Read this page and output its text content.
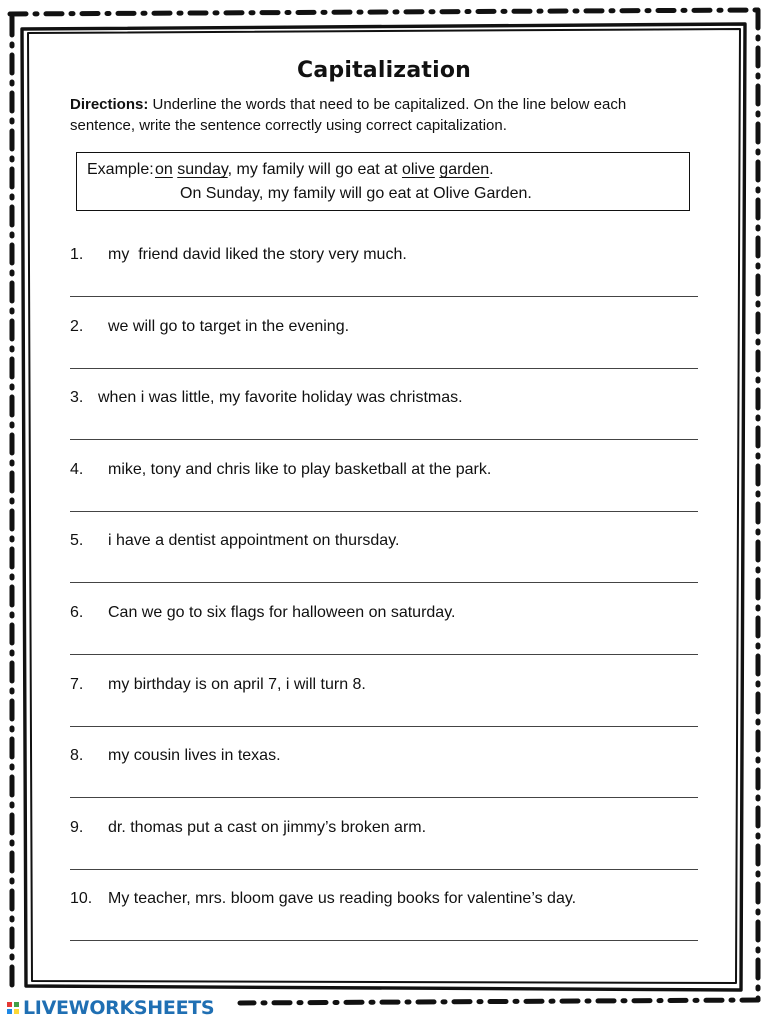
Capitalization
Directions: Underline the words that need to be capitalized. On the line below each sentence, write the sentence correctly using correct capitalization.
Example: on sunday, my family will go eat at olive garden.
On Sunday, my family will go eat at Olive Garden.
1. my  friend david liked the story very much.
2. we will go to target in the evening.
3. when i was little, my favorite holiday was christmas.
4. mike, tony and chris like to play basketball at the park.
5. i have a dentist appointment on thursday.
6. Can we go to six flags for halloween on saturday.
7. my birthday is on april 7, i will turn 8.
8. my cousin lives in texas.
9. dr. thomas put a cast on jimmy’s broken arm.
10. My teacher, mrs. bloom gave us reading books for valentine’s day.
LIVEWORKSHEETS
